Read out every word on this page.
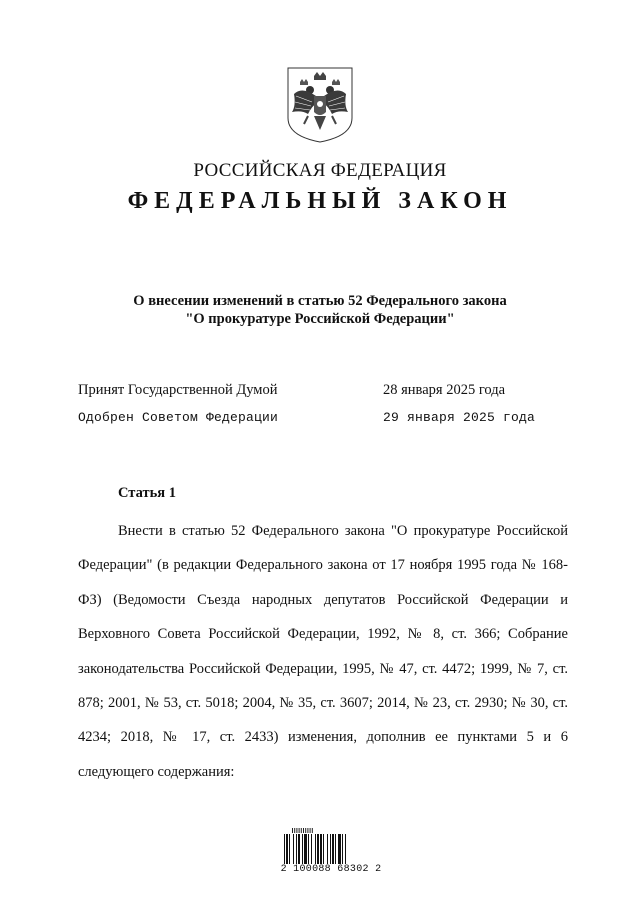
РОССИЙСКАЯ ФЕДЕРАЦИЯ
ФЕДЕРАЛЬНЫЙ ЗАКОН
О внесении изменений в статью 52 Федерального закона
"О прокуратуре Российской Федерации"
Принят Государственной Думой	28 января 2025 года
Одобрен Советом Федерации	29 января 2025 года
Статья 1

Внести в статью 52 Федерального закона "О прокуратуре Российской Федерации" (в редакции Федерального закона от 17 ноября 1995 года № 168-ФЗ) (Ведомости Съезда народных депутатов Российской Федерации и Верховного Совета Российской Федерации, 1992, № 8, ст. 366; Собрание законодательства Российской Федерации, 1995, № 47, ст. 4472; 1999, № 7, ст. 878; 2001, № 53, ст. 5018; 2004, № 35, ст. 3607; 2014, № 23, ст. 2930; № 30, ст. 4234; 2018, № 17, ст. 2433) изменения, дополнив ее пунктами 5 и 6 следующего содержания:

2 100088 68302 2
